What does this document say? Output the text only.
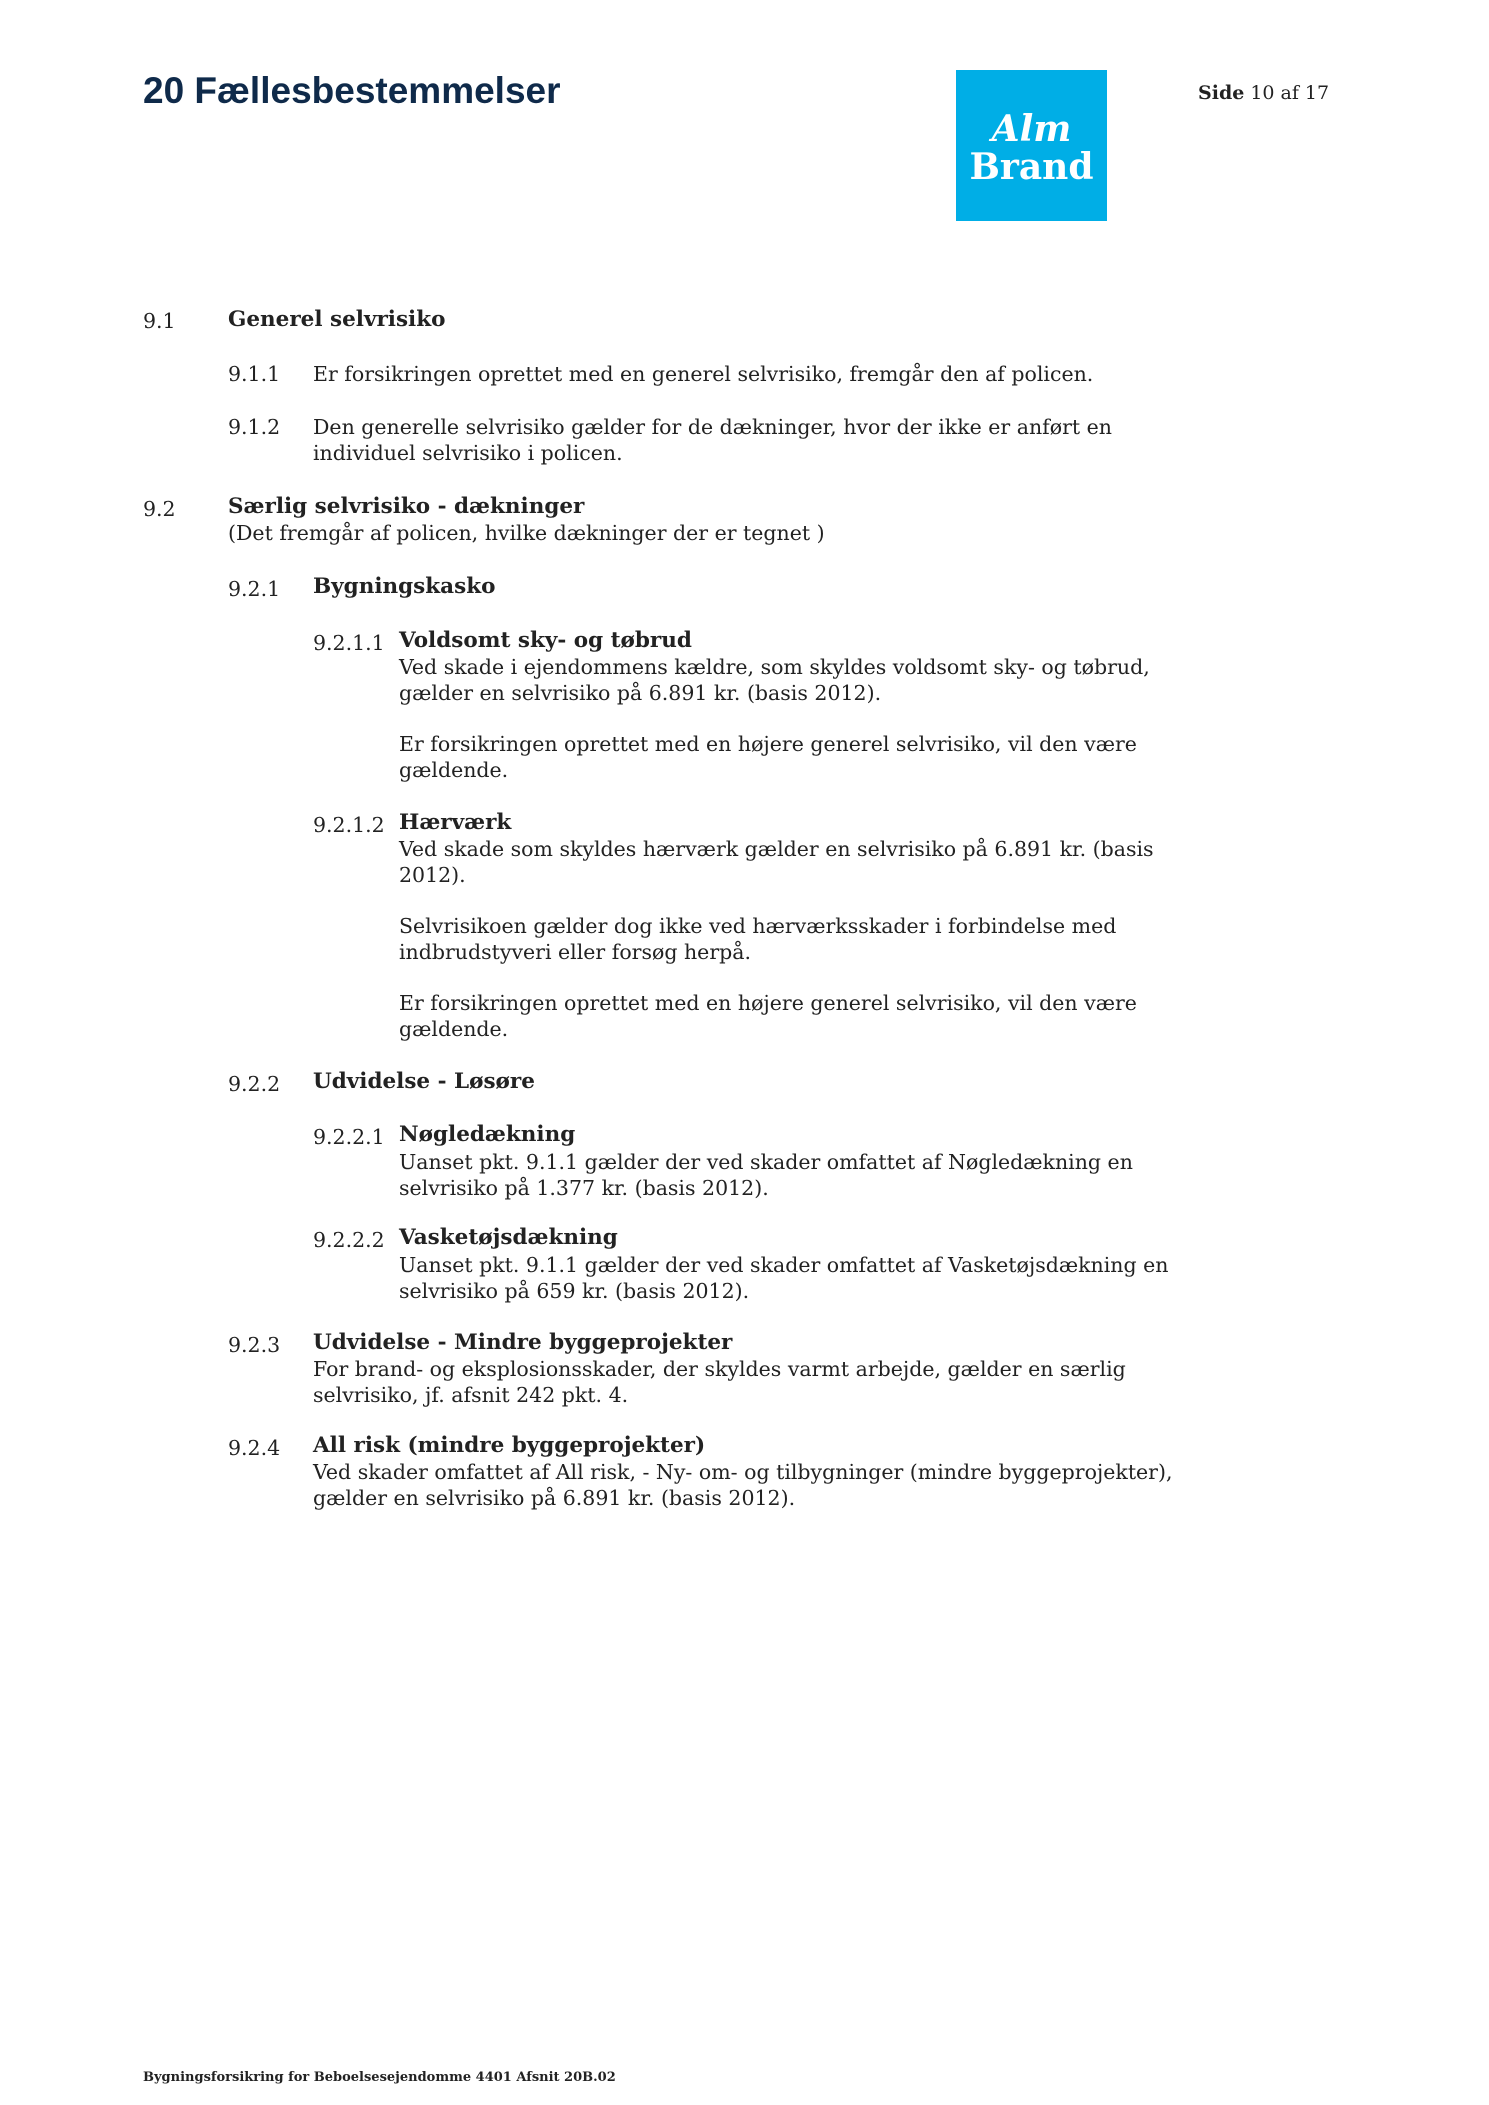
20 Fællesbestemmelser
Alm
Brand
Side 10 af 17
9.1 Generel selvrisiko
9.1.1 Er forsikringen oprettet med en generel selvrisiko, fremgår den af policen.
9.1.2 Den generelle selvrisiko gælder for de dækninger, hvor der ikke er anført en
individuel selvrisiko i policen.
9.2 Særlig selvrisiko - dækninger
(Det fremgår af policen, hvilke dækninger der er tegnet )
9.2.1 Bygningskasko
9.2.1.1 Voldsomt sky- og tøbrud
Ved skade i ejendommens kældre, som skyldes voldsomt sky- og tøbrud,
gælder en selvrisiko på 6.891 kr. (basis 2012).
Er forsikringen oprettet med en højere generel selvrisiko, vil den være
gældende.
9.2.1.2 Hærværk
Ved skade som skyldes hærværk gælder en selvrisiko på 6.891 kr. (basis
2012).
Selvrisikoen gælder dog ikke ved hærværksskader i forbindelse med
indbrudstyveri eller forsøg herpå.
Er forsikringen oprettet med en højere generel selvrisiko, vil den være
gældende.
9.2.2 Udvidelse - Løsøre
9.2.2.1 Nøgledækning
Uanset pkt. 9.1.1 gælder der ved skader omfattet af Nøgledækning en
selvrisiko på 1.377 kr. (basis 2012).
9.2.2.2 Vasketøjsdækning
Uanset pkt. 9.1.1 gælder der ved skader omfattet af Vasketøjsdækning en
selvrisiko på 659 kr. (basis 2012).
9.2.3 Udvidelse - Mindre byggeprojekter
For brand- og eksplosionsskader, der skyldes varmt arbejde, gælder en særlig
selvrisiko, jf. afsnit 242 pkt. 4.
9.2.4 All risk (mindre byggeprojekter)
Ved skader omfattet af All risk, - Ny- om- og tilbygninger (mindre byggeprojekter),
gælder en selvrisiko på 6.891 kr. (basis 2012).
Bygningsforsikring for Beboelsesejendomme 4401 Afsnit 20B.02
